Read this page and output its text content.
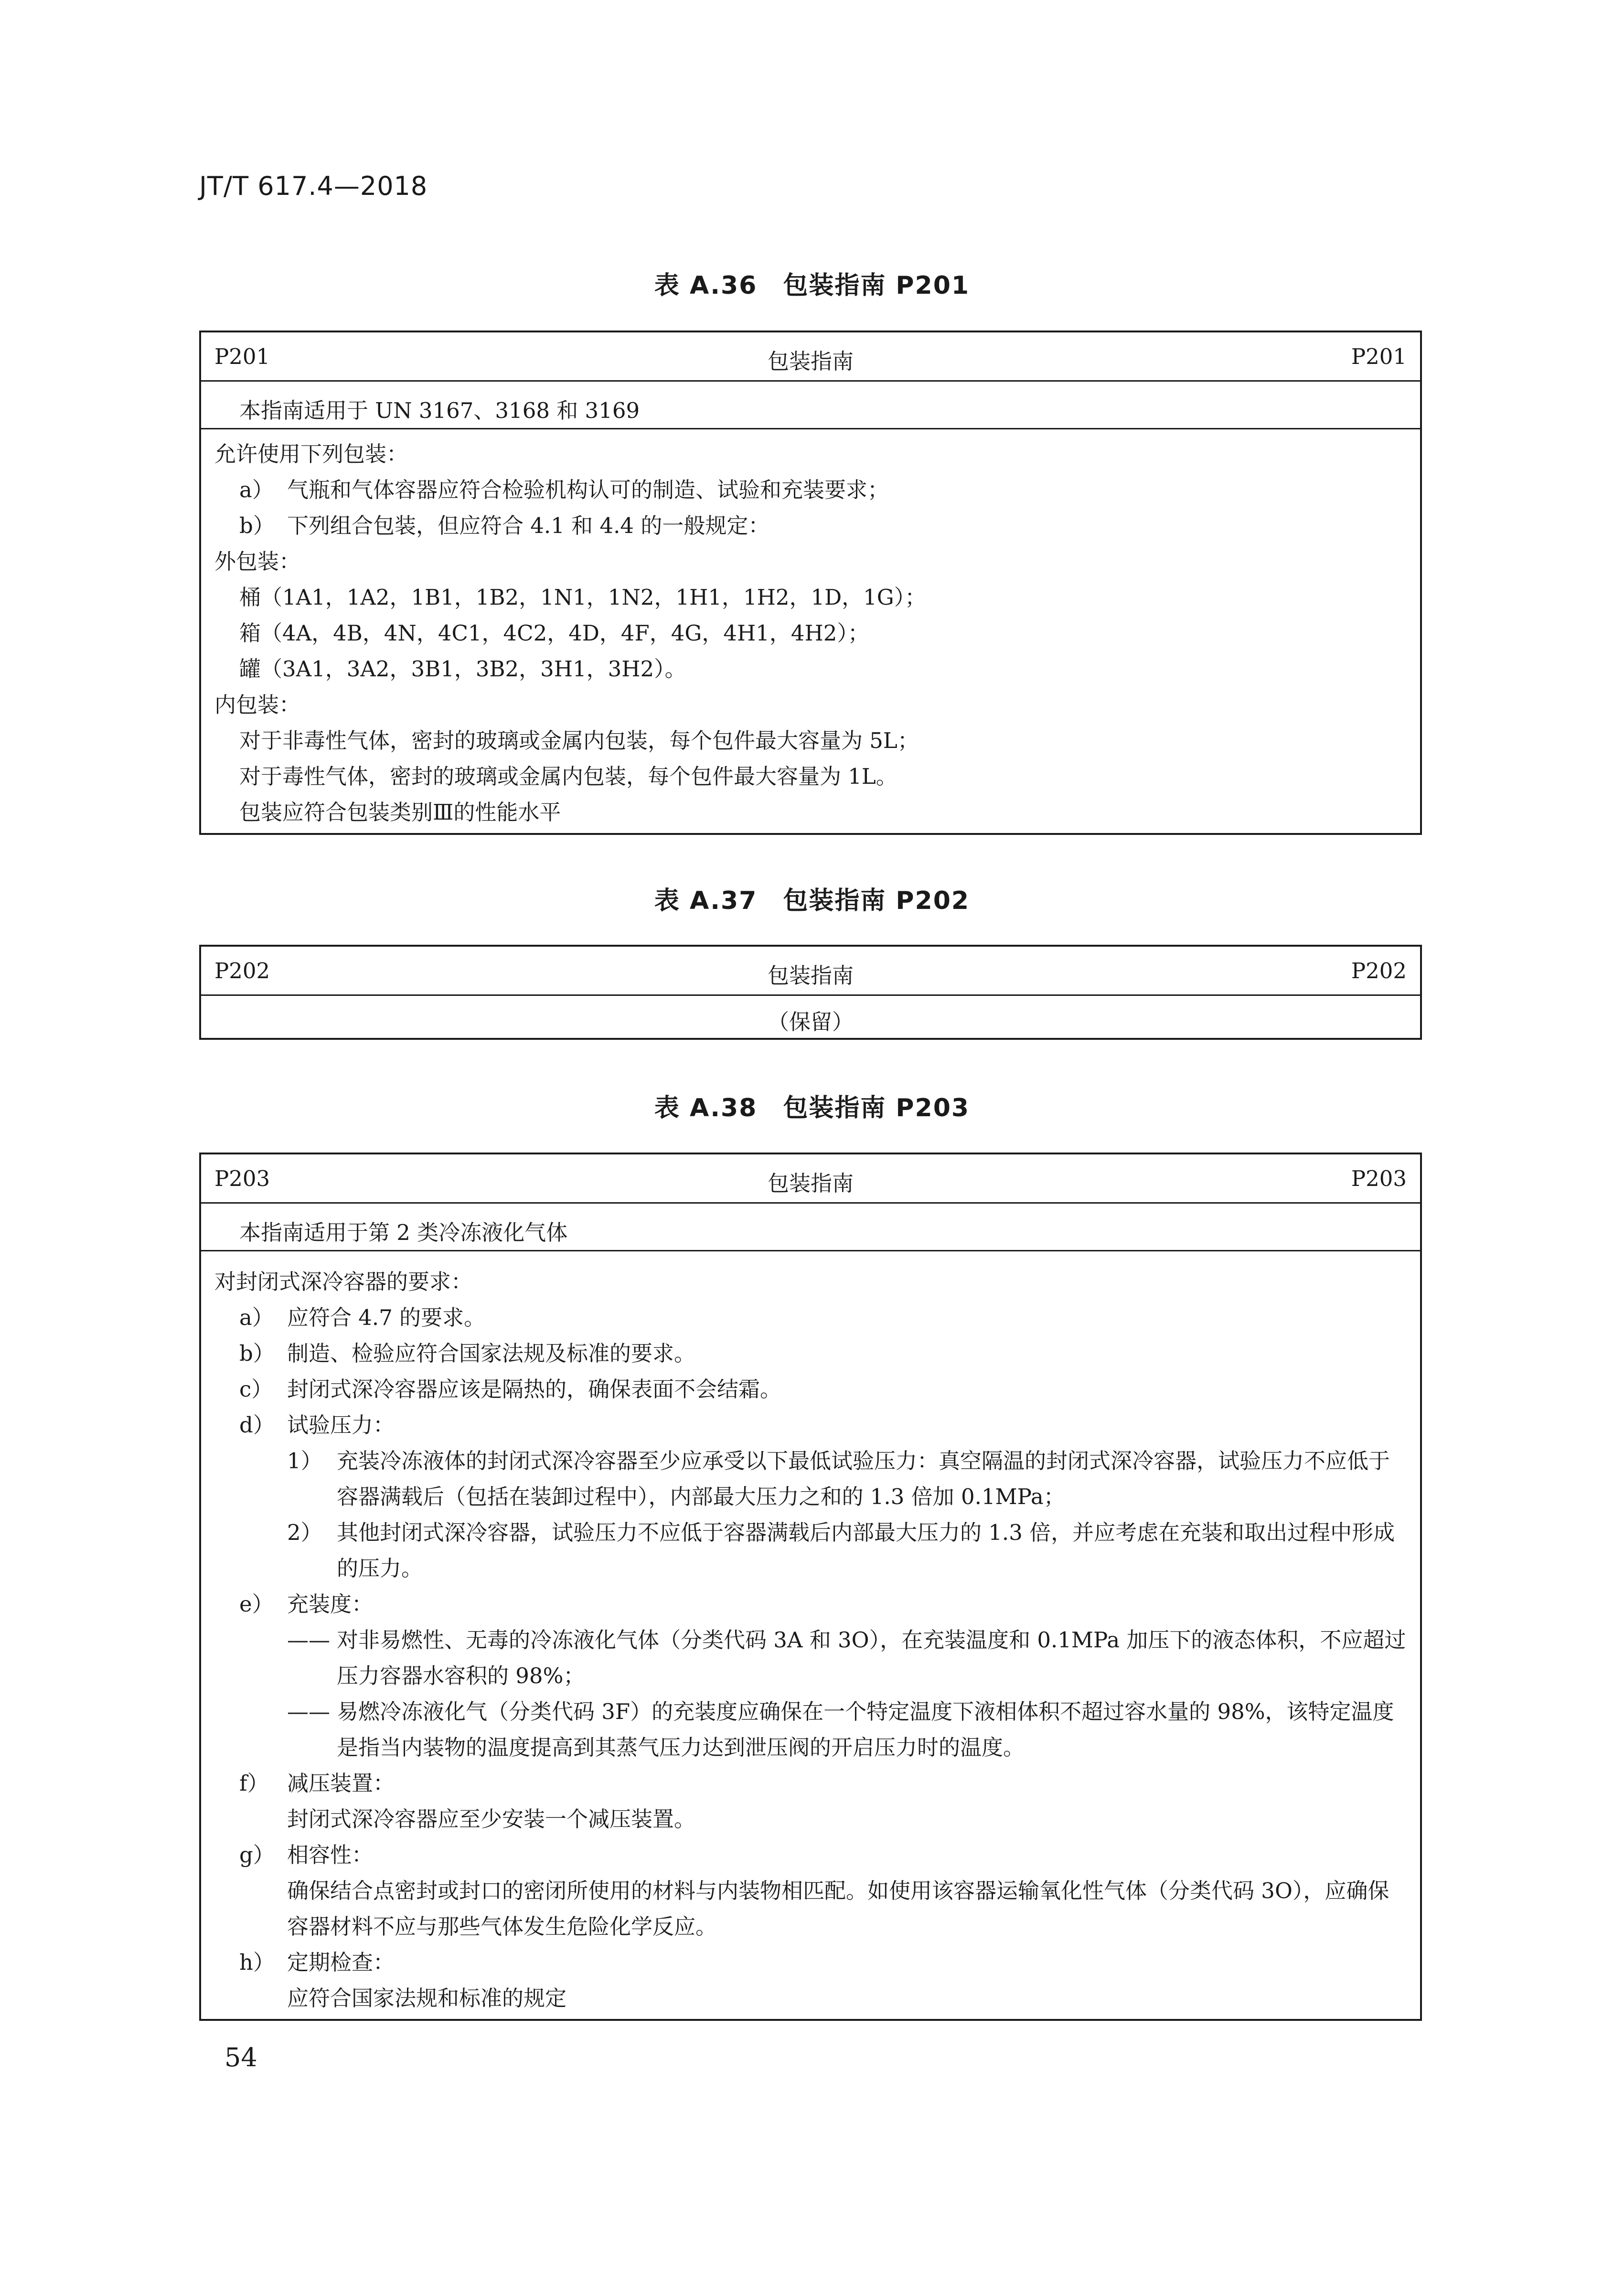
JT/T 617.4—2018
表 A.36　包装指南 P201
P201	包装指南	P201
本指南适用于 UN 3167、3168 和 3169
允许使用下列包装：
a） 气瓶和气体容器应符合检验机构认可的制造、试验和充装要求；
b） 下列组合包装，但应符合 4.1 和 4.4 的一般规定：
外包装：
桶（1A1，1A2，1B1，1B2，1N1，1N2，1H1，1H2，1D，1G）；
箱（4A，4B，4N，4C1，4C2，4D，4F，4G，4H1，4H2）；
罐（3A1，3A2，3B1，3B2，3H1，3H2）。
内包装：
对于非毒性气体，密封的玻璃或金属内包装，每个包件最大容量为 5L；
对于毒性气体，密封的玻璃或金属内包装，每个包件最大容量为 1L。
包装应符合包装类别Ⅲ的性能水平
表 A.37　包装指南 P202
P202	包装指南	P202
（保留）
表 A.38　包装指南 P203
P203	包装指南	P203
本指南适用于第 2 类冷冻液化气体
对封闭式深冷容器的要求：
a） 应符合 4.7 的要求。
b） 制造、检验应符合国家法规及标准的要求。
c） 封闭式深冷容器应该是隔热的，确保表面不会结霜。
d） 试验压力：
1） 充装冷冻液体的封闭式深冷容器至少应承受以下最低试验压力：真空隔温的封闭式深冷容器，试验压力不应低于容器满载后（包括在装卸过程中），内部最大压力之和的 1.3 倍加 0.1MPa；
2） 其他封闭式深冷容器，试验压力不应低于容器满载后内部最大压力的 1.3 倍，并应考虑在充装和取出过程中形成的压力。
e） 充装度：
—— 对非易燃性、无毒的冷冻液化气体（分类代码 3A 和 3O），在充装温度和 0.1MPa 加压下的液态体积，不应超过压力容器水容积的 98%；
—— 易燃冷冻液化气（分类代码 3F）的充装度应确保在一个特定温度下液相体积不超过容水量的 98%，该特定温度是指当内装物的温度提高到其蒸气压力达到泄压阀的开启压力时的温度。
f） 减压装置：
封闭式深冷容器应至少安装一个减压装置。
g） 相容性：
确保结合点密封或封口的密闭所使用的材料与内装物相匹配。如使用该容器运输氧化性气体（分类代码 3O），应确保容器材料不应与那些气体发生危险化学反应。
h） 定期检查：
应符合国家法规和标准的规定
54
